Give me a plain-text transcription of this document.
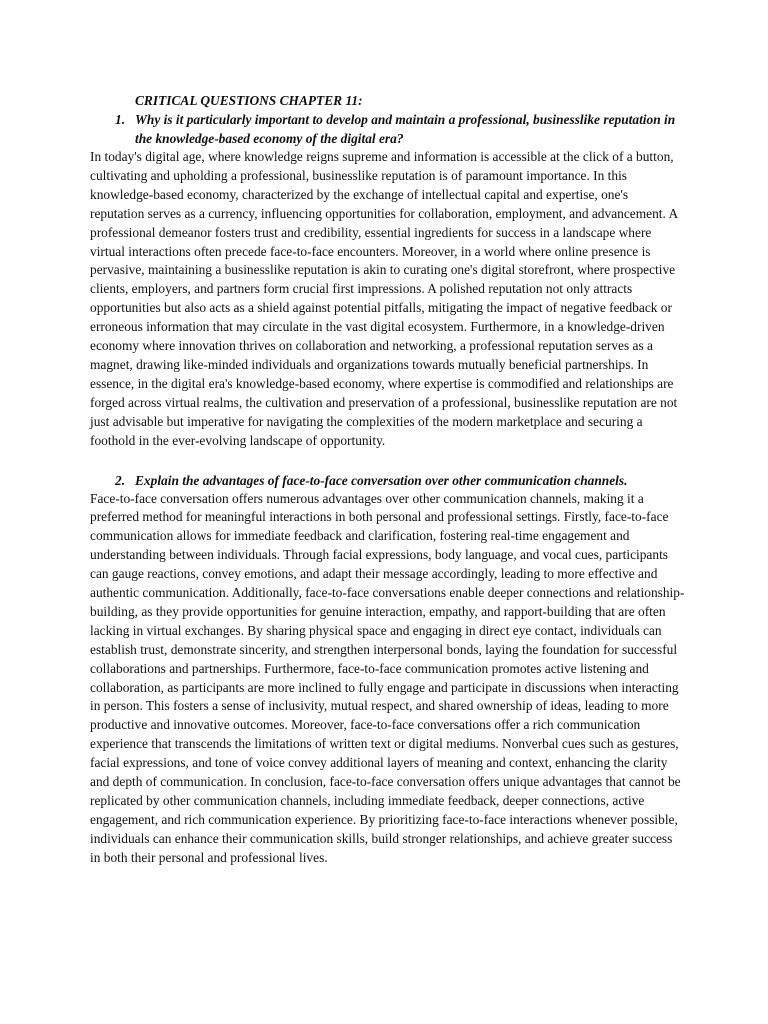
CRITICAL QUESTIONS CHAPTER 11:

1. Why is it particularly important to develop and maintain a professional, businesslike reputation in the knowledge-based economy of the digital era?

In today's digital age, where knowledge reigns supreme and information is accessible at the click of a button, cultivating and upholding a professional, businesslike reputation is of paramount importance. In this knowledge-based economy, characterized by the exchange of intellectual capital and expertise, one's reputation serves as a currency, influencing opportunities for collaboration, employment, and advancement. A professional demeanor fosters trust and credibility, essential ingredients for success in a landscape where virtual interactions often precede face-to-face encounters. Moreover, in a world where online presence is pervasive, maintaining a businesslike reputation is akin to curating one's digital storefront, where prospective clients, employers, and partners form crucial first impressions. A polished reputation not only attracts opportunities but also acts as a shield against potential pitfalls, mitigating the impact of negative feedback or erroneous information that may circulate in the vast digital ecosystem. Furthermore, in a knowledge-driven economy where innovation thrives on collaboration and networking, a professional reputation serves as a magnet, drawing like-minded individuals and organizations towards mutually beneficial partnerships. In essence, in the digital era's knowledge-based economy, where expertise is commodified and relationships are forged across virtual realms, the cultivation and preservation of a professional, businesslike reputation are not just advisable but imperative for navigating the complexities of the modern marketplace and securing a foothold in the ever-evolving landscape of opportunity.

2. Explain the advantages of face-to-face conversation over other communication channels.

Face-to-face conversation offers numerous advantages over other communication channels, making it a preferred method for meaningful interactions in both personal and professional settings. Firstly, face-to-face communication allows for immediate feedback and clarification, fostering real-time engagement and understanding between individuals. Through facial expressions, body language, and vocal cues, participants can gauge reactions, convey emotions, and adapt their message accordingly, leading to more effective and authentic communication. Additionally, face-to-face conversations enable deeper connections and relationship-building, as they provide opportunities for genuine interaction, empathy, and rapport-building that are often lacking in virtual exchanges. By sharing physical space and engaging in direct eye contact, individuals can establish trust, demonstrate sincerity, and strengthen interpersonal bonds, laying the foundation for successful collaborations and partnerships. Furthermore, face-to-face communication promotes active listening and collaboration, as participants are more inclined to fully engage and participate in discussions when interacting in person. This fosters a sense of inclusivity, mutual respect, and shared ownership of ideas, leading to more productive and innovative outcomes. Moreover, face-to-face conversations offer a rich communication experience that transcends the limitations of written text or digital mediums. Nonverbal cues such as gestures, facial expressions, and tone of voice convey additional layers of meaning and context, enhancing the clarity and depth of communication. In conclusion, face-to-face conversation offers unique advantages that cannot be replicated by other communication channels, including immediate feedback, deeper connections, active engagement, and rich communication experience. By prioritizing face-to-face interactions whenever possible, individuals can enhance their communication skills, build stronger relationships, and achieve greater success in both their personal and professional lives.
